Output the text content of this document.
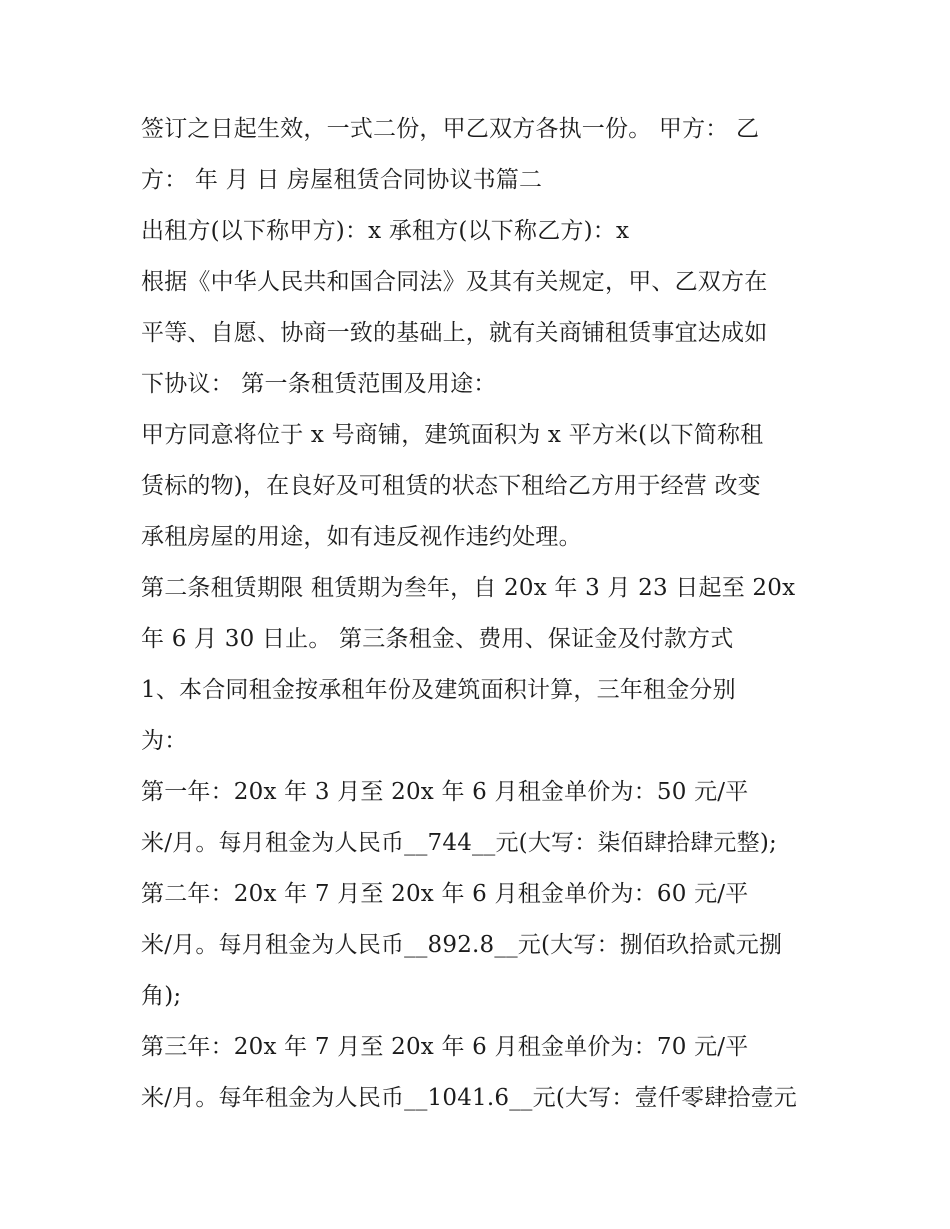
签订之日起生效，一式二份，甲乙双方各执一份。 甲方： 乙
方： 年 月 日 房屋租赁合同协议书篇二
出租方(以下称甲方)：x 承租方(以下称乙方)：x
根据《中华人民共和国合同法》及其有关规定，甲、乙双方在
平等、自愿、协商一致的基础上，就有关商铺租赁事宜达成如
下协议： 第一条租赁范围及用途：
甲方同意将位于 x 号商铺，建筑面积为 x 平方米(以下简称租
赁标的物)，在良好及可租赁的状态下租给乙方用于经营 改变
承租房屋的用途，如有违反视作违约处理。
第二条租赁期限 租赁期为叁年，自 20x 年 3 月 23 日起至 20x
年 6 月 30 日止。 第三条租金、费用、保证金及付款方式
1、本合同租金按承租年份及建筑面积计算，三年租金分别
为：
第一年：20x 年 3 月至 20x 年 6 月租金单价为：50 元/平
米/月。每月租金为人民币__744__元(大写：柒佰肆拾肆元整);
第二年：20x 年 7 月至 20x 年 6 月租金单价为：60 元/平
米/月。每月租金为人民币__892.8__元(大写：捌佰玖拾贰元捌
角);
第三年：20x 年 7 月至 20x 年 6 月租金单价为：70 元/平
米/月。每年租金为人民币__1041.6__元(大写：壹仟零肆拾壹元
